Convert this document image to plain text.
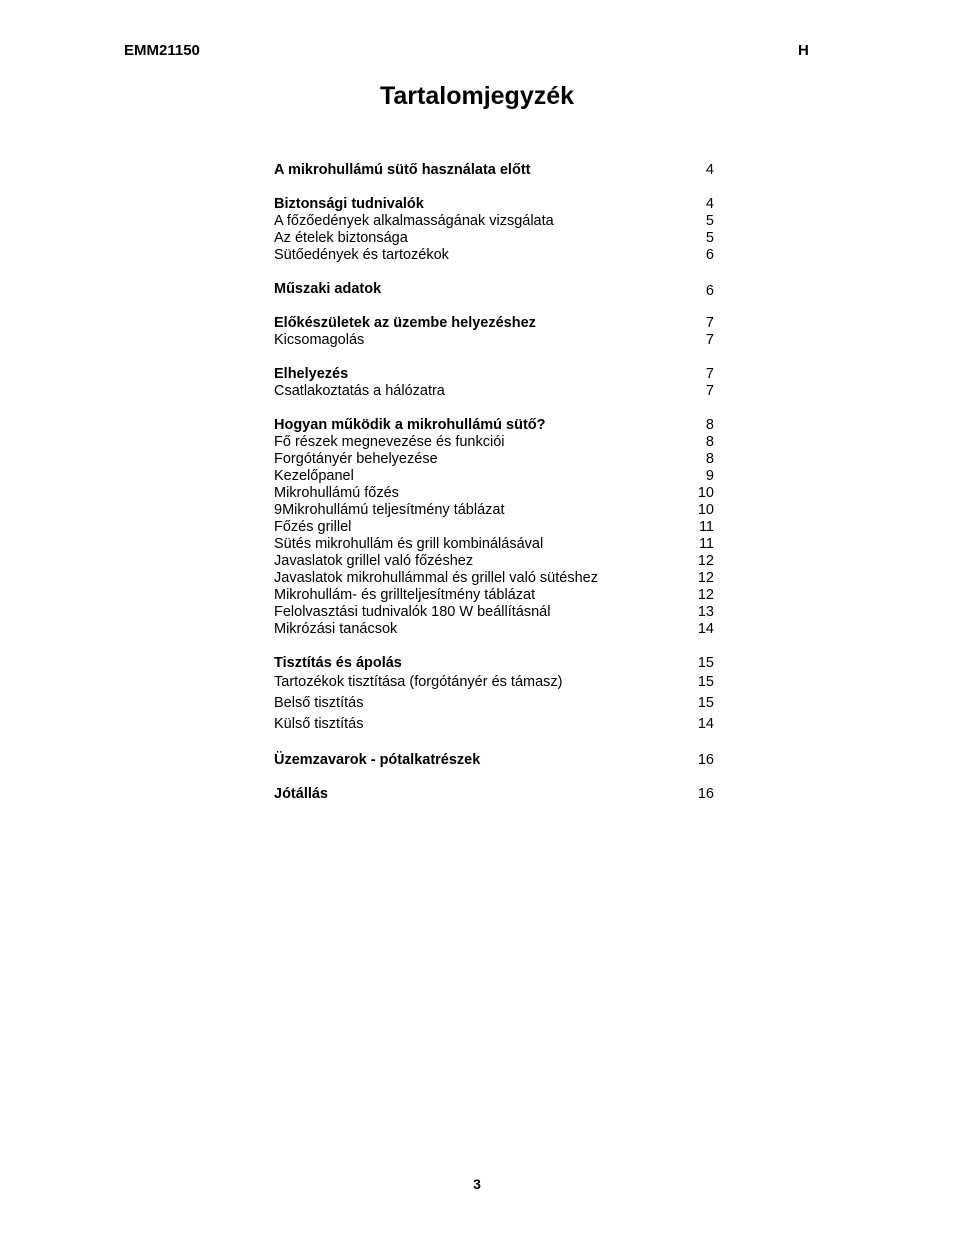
EMM21150	H
Tartalomjegyzék
A mikrohullámú sütő használata előtt	4
Biztonsági tudnivalók	4
A főzőedények alkalmasságának vizsgálata	5
Az ételek biztonsága	5
Sütőedények és tartozékok	6
Műszaki adatok	6
Előkészületek az üzembe helyezéshez	7
Kicsomagolás	7
Elhelyezés	7
Csatlakoztatás a hálózatra	7
Hogyan működik a mikrohullámú sütő?	8
Fő részek megnevezése és funkciói	8
Forgótányér behelyezése	8
Kezelőpanel	9
Mikrohullámú főzés	10
9Mikrohullámú teljesítmény táblázat	10
Főzés grillel	11
Sütés mikrohullám és grill kombinálásával	11
Javaslatok grillel való főzéshez	12
Javaslatok mikrohullámmal és grillel való sütéshez	12
Mikrohullám- és grillteljesítmény táblázat	12
Felolvasztási tudnivalók 180 W beállításnál	13
Mikrózási tanácsok	14
Tisztítás és ápolás	15
Tartozékok tisztítása (forgótányér és támasz)	15
Belső tisztítás	15
Külső tisztítás	14
Üzemzavarok - pótalkatrészek	16
Jótállás	16
3
